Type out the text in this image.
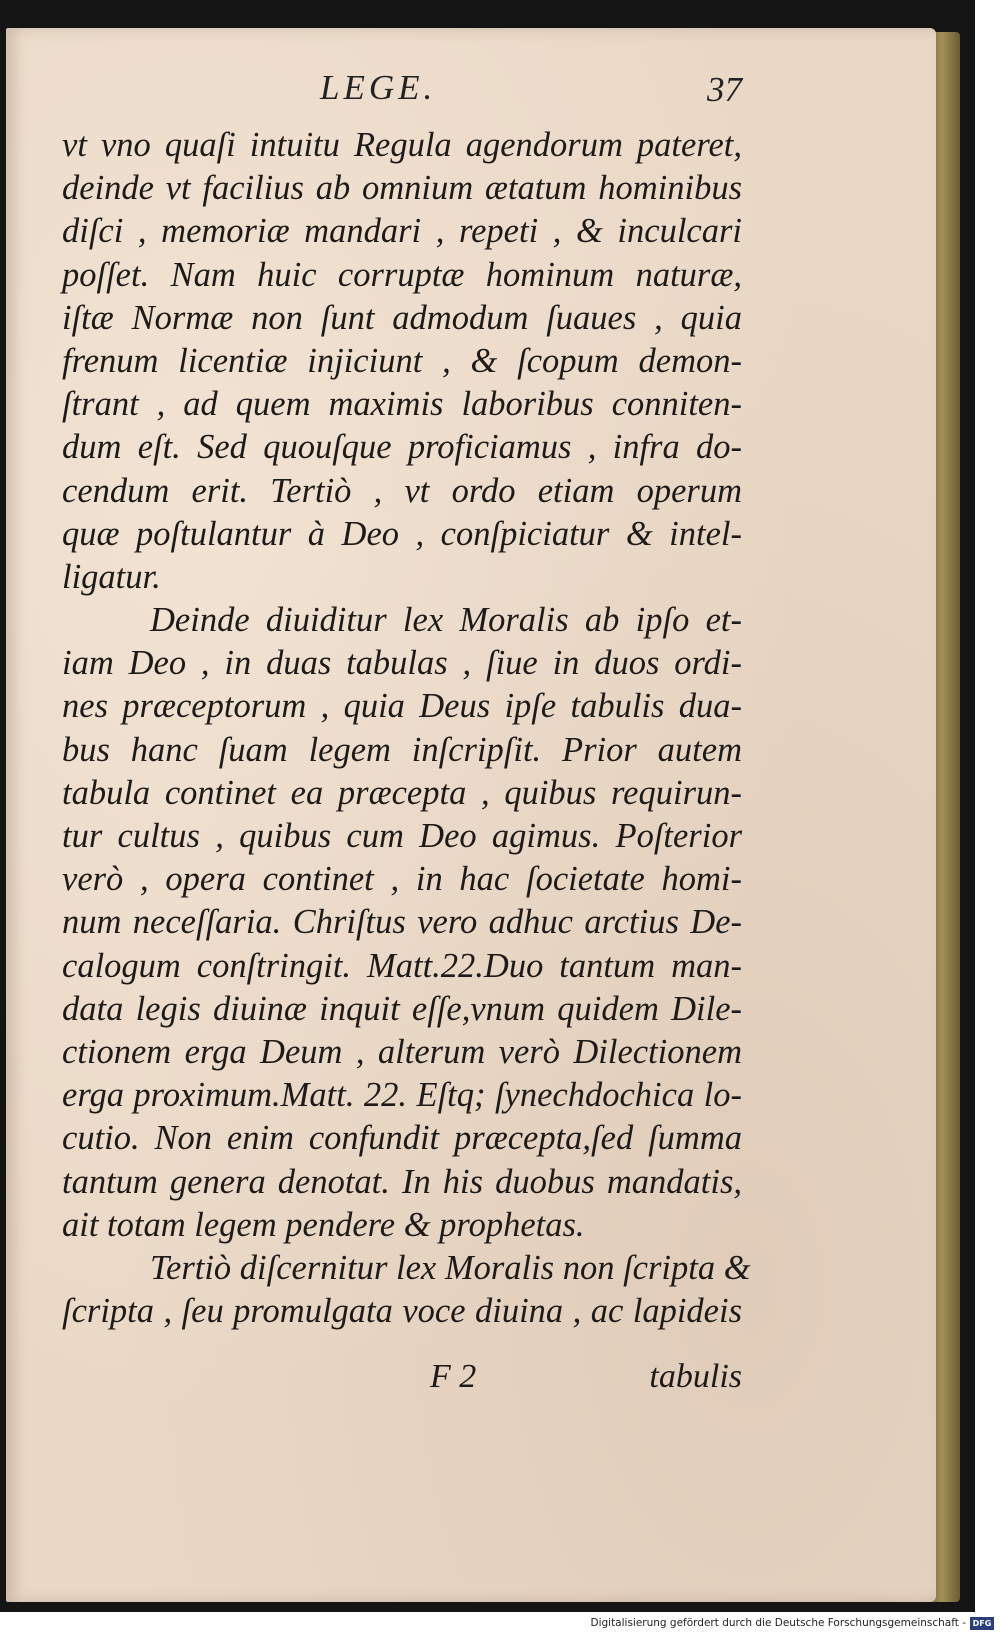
LEGE.	37
vt vno quaſi intuitu Regula agendorum pateret,
deinde vt facilius ab omnium ætatum hominibus
diſci , memoriæ mandari , repeti , & inculcari
poſſet. Nam huic corruptæ hominum naturæ,
iſtæ Normæ non ſunt admodum ſuaues , quia
frenum licentiæ injiciunt , & ſcopum demon-
ſtrant , ad quem maximis laboribus conniten-
dum eſt. Sed quouſque proficiamus , infra do-
cendum erit. Tertiò , vt ordo etiam operum
quæ poſtulantur à Deo , conſpiciatur & intel-
ligatur.
Deinde diuiditur lex Moralis ab ipſo et-
iam Deo , in duas tabulas , ſiue in duos ordi-
nes præceptorum , quia Deus ipſe tabulis dua-
bus hanc ſuam legem inſcripſit. Prior autem
tabula continet ea præcepta , quibus requirun-
tur cultus , quibus cum Deo agimus. Poſterior
verò , opera continet , in hac ſocietate homi-
num neceſſaria. Chriſtus vero adhuc arctius De-
calogum conſtringit. Matt.22.Duo tantum man-
data legis diuinæ inquit eſſe,vnum quidem Dile-
ctionem erga Deum , alterum verò Dilectionem
erga proximum.Matt. 22. Eſtq; ſynechdochica lo-
cutio. Non enim confundit præcepta,ſed ſumma
tantum genera denotat. In his duobus mandatis,
ait totam legem pendere & prophetas.
Tertiò diſcernitur lex Moralis non ſcripta &
ſcripta , ſeu promulgata voce diuina , ac lapideis
F 2	tabulis
Digitalisierung gefördert durch die Deutsche Forschungsgemeinschaft - DFG
